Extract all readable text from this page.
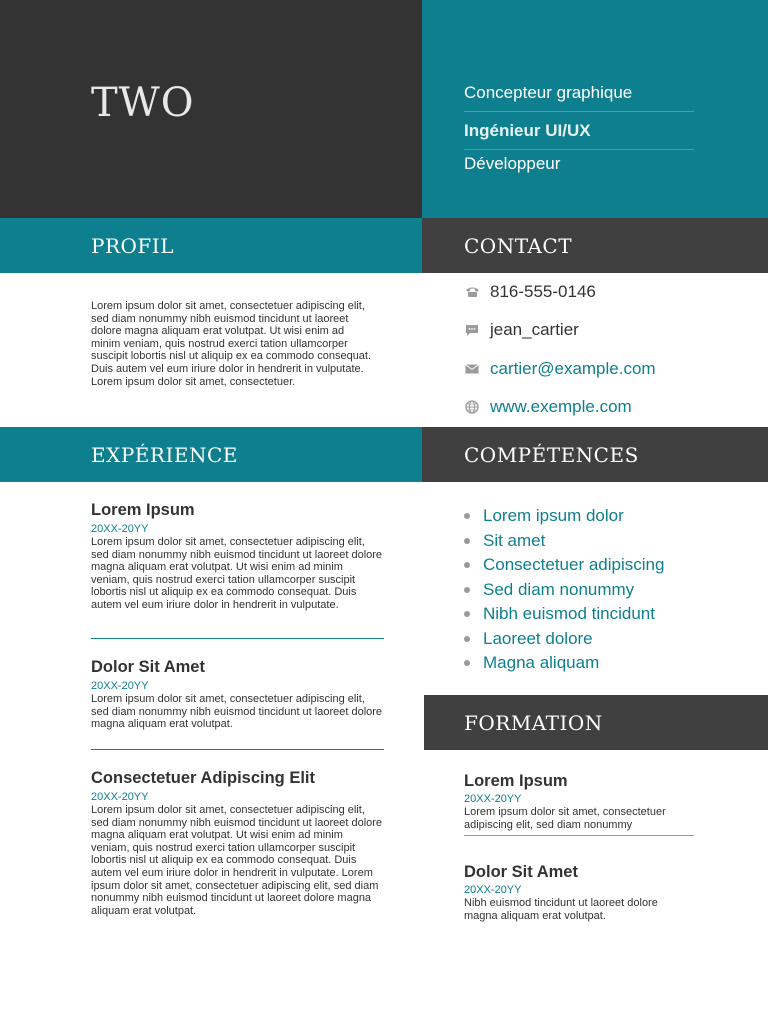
TWO	Concepteur graphique
Ingénieur UI/UX
Développeur
PROFIL	CONTACT
EXPÉRIENCE	COMPÉTENCES
FORMATION
Lorem ipsum dolor sit amet, consectetuer adipiscing elit, sed diam nonummy nibh euismod tincidunt ut laoreet dolore magna aliquam erat volutpat. Ut wisi enim ad minim veniam, quis nostrud exerci tation ullamcorper suscipit lobortis nisl ut aliquip ex ea commodo consequat. Duis autem vel eum iriure dolor in hendrerit in vulputate. Lorem ipsum dolor sit amet, consectetuer.
816-555-0146
jean_cartier
cartier@example.com
www.exemple.com
Lorem Ipsum
20XX-20YY
Lorem ipsum dolor sit amet, consectetuer adipiscing elit, sed diam nonummy nibh euismod tincidunt ut laoreet dolore magna aliquam erat volutpat. Ut wisi enim ad minim veniam, quis nostrud exerci tation ullamcorper suscipit lobortis nisl ut aliquip ex ea commodo consequat. Duis autem vel eum iriure dolor in hendrerit in vulputate.
Dolor Sit Amet
20XX-20YY
Lorem ipsum dolor sit amet, consectetuer adipiscing elit, sed diam nonummy nibh euismod tincidunt ut laoreet dolore magna aliquam erat volutpat.
Consectetuer Adipiscing Elit
20XX-20YY
Lorem ipsum dolor sit amet, consectetuer adipiscing elit, sed diam nonummy nibh euismod tincidunt ut laoreet dolore magna aliquam erat volutpat. Ut wisi enim ad minim veniam, quis nostrud exerci tation ullamcorper suscipit lobortis nisl ut aliquip ex ea commodo consequat. Duis autem vel eum iriure dolor in hendrerit in vulputate. Lorem ipsum dolor sit amet, consectetuer adipiscing elit, sed diam nonummy nibh euismod tincidunt ut laoreet dolore magna aliquam erat volutpat.
Lorem ipsum dolor
Sit amet
Consectetuer adipiscing
Sed diam nonummy
Nibh euismod tincidunt
Laoreet dolore
Magna aliquam
Lorem Ipsum
20XX-20YY
Lorem ipsum dolor sit amet, consectetuer adipiscing elit, sed diam nonummy
Dolor Sit Amet
20XX-20YY
Nibh euismod tincidunt ut laoreet dolore magna aliquam erat volutpat.
